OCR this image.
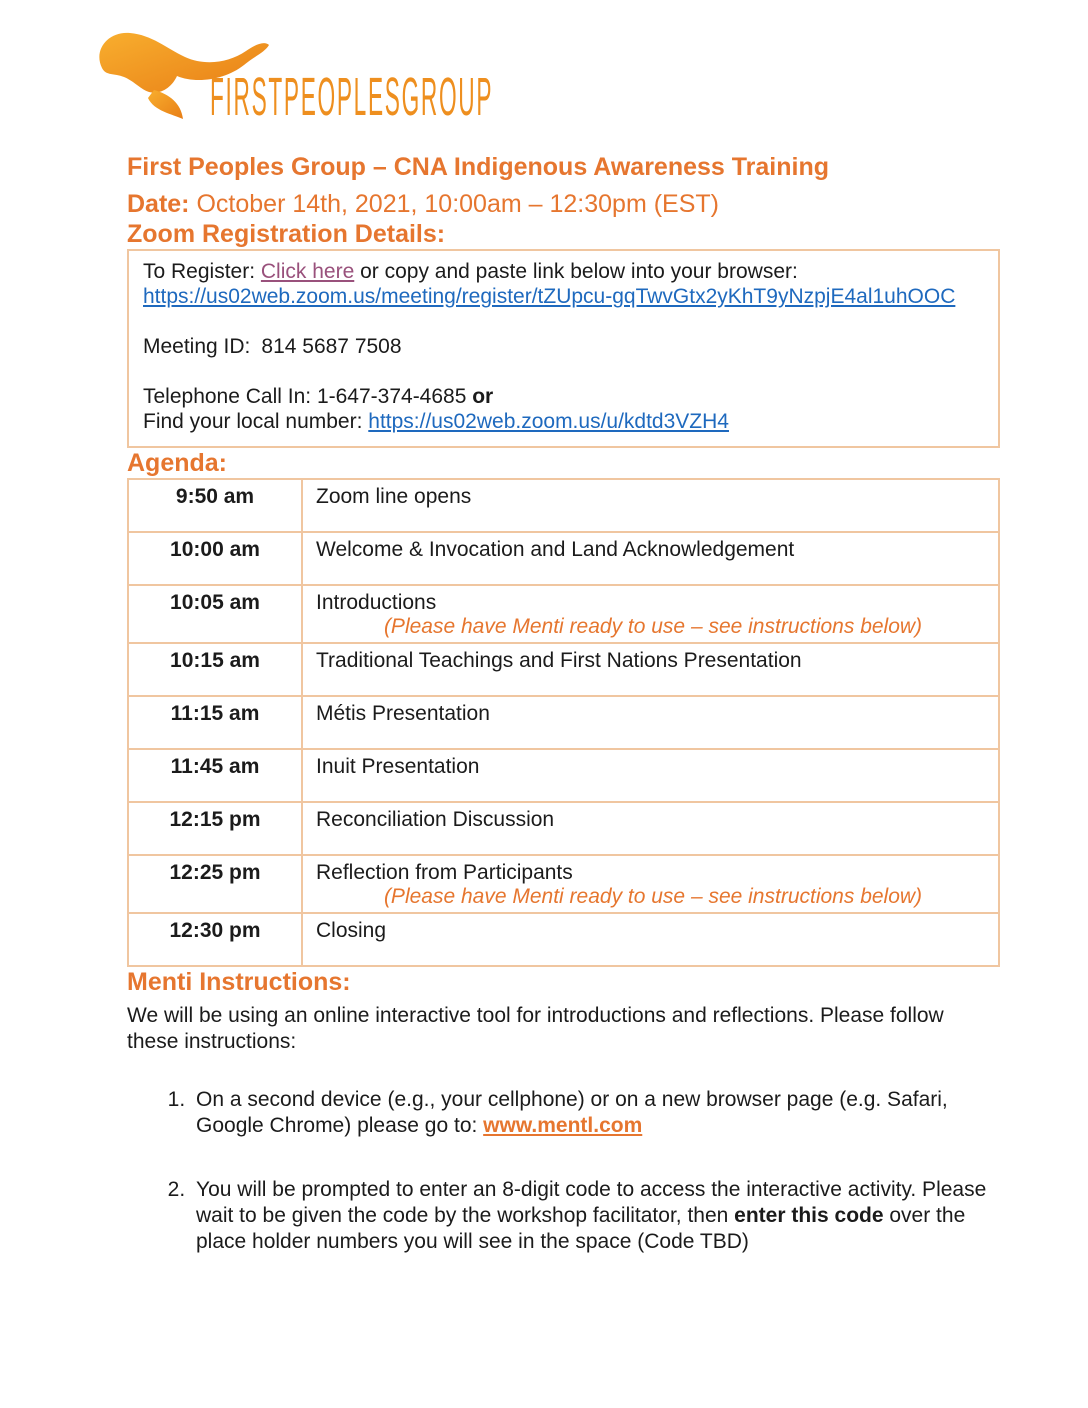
FIRSTPEOPLESGROUP
First Peoples Group – CNA Indigenous Awareness Training

Date: October 14th, 2021, 10:00am – 12:30pm (EST)

Zoom Registration Details:

To Register: Click here or copy and paste link below into your browser:

https://us02web.zoom.us/meeting/register/tZUpcu-gqTwvGtx2yKhT9yNzpjE4al1uhOOC

Meeting ID: 814 5687 7508

Telephone Call In: 1-647-374-4685 or

Find your local number: https://us02web.zoom.us/u/kdtd3VZH4

Agenda:
9:50 am	Zoom line opens

10:00 am	Welcome & Invocation and Land Acknowledgement

10:05 am	Introductions
(Please have Menti ready to use – see instructions below)

10:15 am	Traditional Teachings and First Nations Presentation

11:15 am	Métis Presentation

11:45 am	Inuit Presentation

12:15 pm	Reconciliation Discussion

12:25 pm	Reflection from Participants
(Please have Menti ready to use – see instructions below)

12:30 pm	Closing
Menti Instructions:

We will be using an online interactive tool for introductions and reflections. Please follow these instructions:

1. On a second device (e.g., your cellphone) or on a new browser page (e.g. Safari, Google Chrome) please go to: www.mentl.com
2. You will be prompted to enter an 8-digit code to access the interactive activity. Please wait to be given the code by the workshop facilitator, then enter this code over the place holder numbers you will see in the space (Code TBD)
